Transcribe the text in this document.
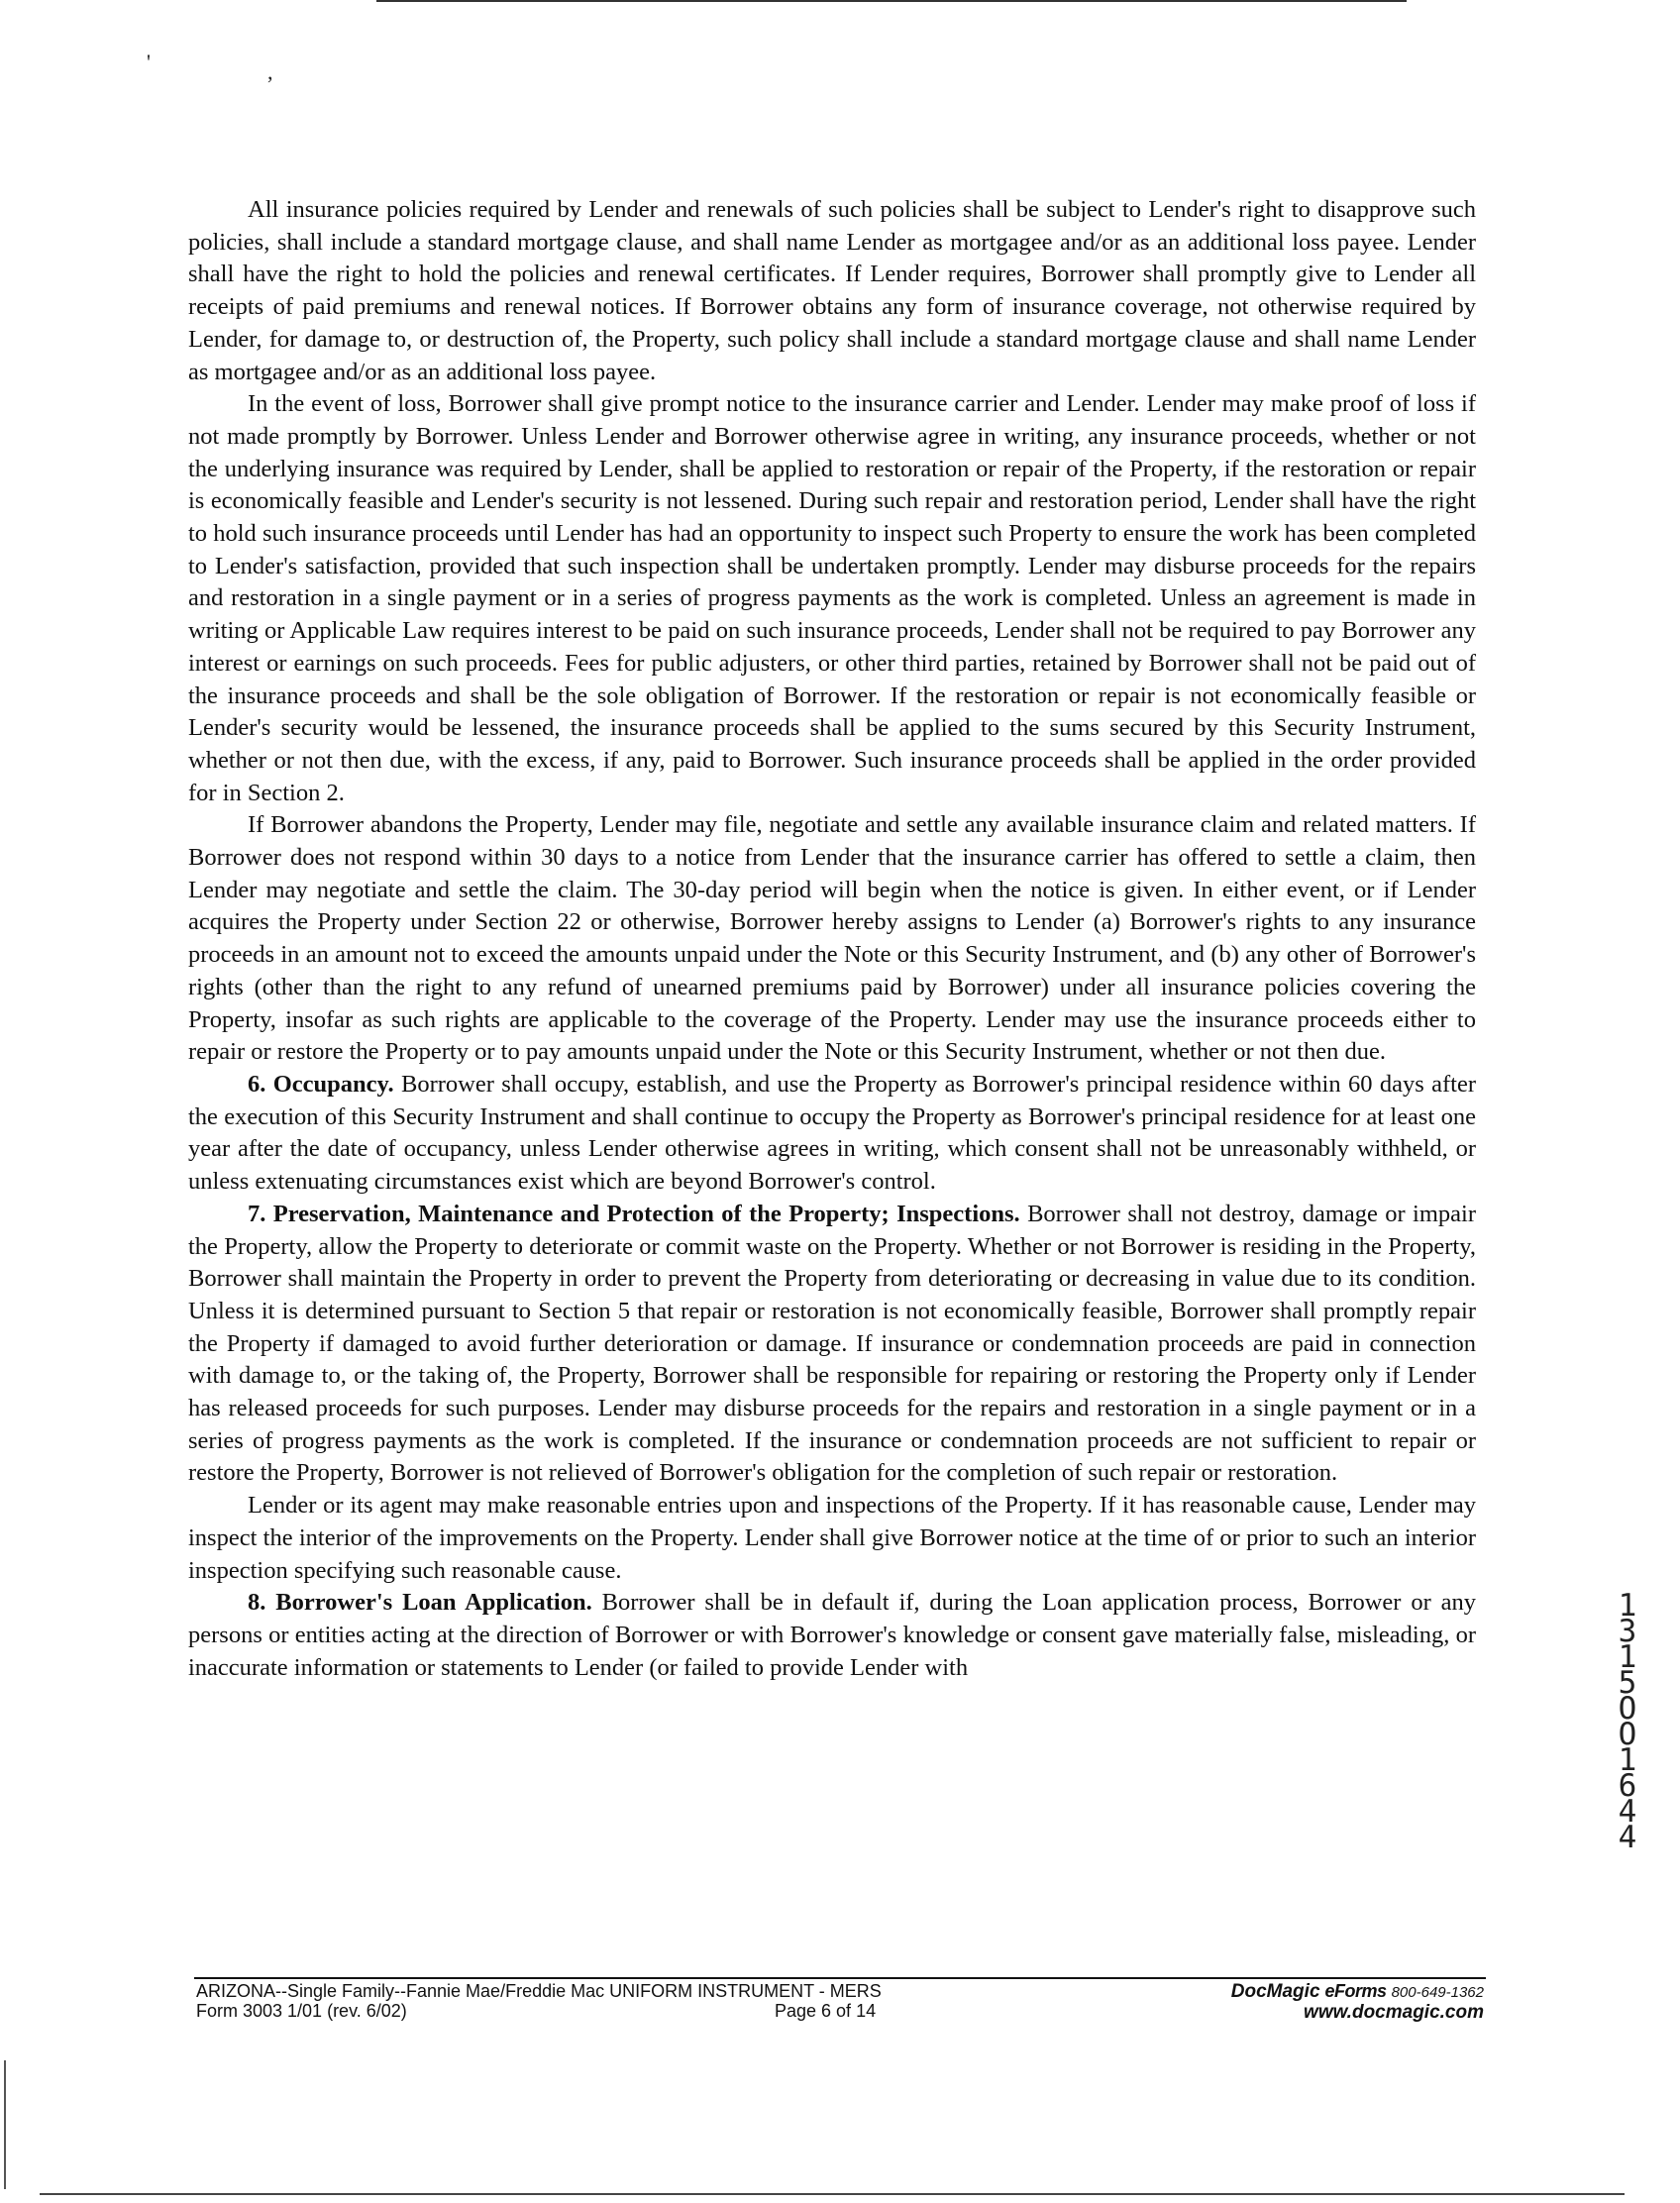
'	,

All insurance policies required by Lender and renewals of such policies shall be subject to Lender's right to disapprove such policies, shall include a standard mortgage clause, and shall name Lender as mortgagee and/or as an additional loss payee. Lender shall have the right to hold the policies and renewal certificates. If Lender requires, Borrower shall promptly give to Lender all receipts of paid premiums and renewal notices. If Borrower obtains any form of insurance coverage, not otherwise required by Lender, for damage to, or destruction of, the Property, such policy shall include a standard mortgage clause and shall name Lender as mortgagee and/or as an additional loss payee.

In the event of loss, Borrower shall give prompt notice to the insurance carrier and Lender. Lender may make proof of loss if not made promptly by Borrower. Unless Lender and Borrower otherwise agree in writing, any insurance proceeds, whether or not the underlying insurance was required by Lender, shall be applied to restoration or repair of the Property, if the restoration or repair is economically feasible and Lender's security is not lessened. During such repair and restoration period, Lender shall have the right to hold such insurance proceeds until Lender has had an opportunity to inspect such Property to ensure the work has been completed to Lender's satisfaction, provided that such inspection shall be undertaken promptly. Lender may disburse proceeds for the repairs and restoration in a single payment or in a series of progress payments as the work is completed. Unless an agreement is made in writing or Applicable Law requires interest to be paid on such insurance proceeds, Lender shall not be required to pay Borrower any interest or earnings on such proceeds. Fees for public adjusters, or other third parties, retained by Borrower shall not be paid out of the insurance proceeds and shall be the sole obligation of Borrower. If the restoration or repair is not economically feasible or Lender's security would be lessened, the insurance proceeds shall be applied to the sums secured by this Security Instrument, whether or not then due, with the excess, if any, paid to Borrower. Such insurance proceeds shall be applied in the order provided for in Section 2.

If Borrower abandons the Property, Lender may file, negotiate and settle any available insurance claim and related matters. If Borrower does not respond within 30 days to a notice from Lender that the insurance carrier has offered to settle a claim, then Lender may negotiate and settle the claim. The 30-day period will begin when the notice is given. In either event, or if Lender acquires the Property under Section 22 or otherwise, Borrower hereby assigns to Lender (a) Borrower's rights to any insurance proceeds in an amount not to exceed the amounts unpaid under the Note or this Security Instrument, and (b) any other of Borrower's rights (other than the right to any refund of unearned premiums paid by Borrower) under all insurance policies covering the Property, insofar as such rights are applicable to the coverage of the Property. Lender may use the insurance proceeds either to repair or restore the Property or to pay amounts unpaid under the Note or this Security Instrument, whether or not then due.

6. Occupancy. Borrower shall occupy, establish, and use the Property as Borrower's principal residence within 60 days after the execution of this Security Instrument and shall continue to occupy the Property as Borrower's principal residence for at least one year after the date of occupancy, unless Lender otherwise agrees in writing, which consent shall not be unreasonably withheld, or unless extenuating circumstances exist which are beyond Borrower's control.

7. Preservation, Maintenance and Protection of the Property; Inspections. Borrower shall not destroy, damage or impair the Property, allow the Property to deteriorate or commit waste on the Property. Whether or not Borrower is residing in the Property, Borrower shall maintain the Property in order to prevent the Property from deteriorating or decreasing in value due to its condition. Unless it is determined pursuant to Section 5 that repair or restoration is not economically feasible, Borrower shall promptly repair the Property if damaged to avoid further deterioration or damage. If insurance or condemnation proceeds are paid in connection with damage to, or the taking of, the Property, Borrower shall be responsible for repairing or restoring the Property only if Lender has released proceeds for such purposes. Lender may disburse proceeds for the repairs and restoration in a single payment or in a series of progress payments as the work is completed. If the insurance or condemnation proceeds are not sufficient to repair or restore the Property, Borrower is not relieved of Borrower's obligation for the completion of such repair or restoration.

Lender or its agent may make reasonable entries upon and inspections of the Property. If it has reasonable cause, Lender may inspect the interior of the improvements on the Property. Lender shall give Borrower notice at the time of or prior to such an interior inspection specifying such reasonable cause.

8. Borrower's Loan Application. Borrower shall be in default if, during the Loan application process, Borrower or any persons or entities acting at the direction of Borrower or with Borrower's knowledge or consent gave materially false, misleading, or inaccurate information or statements to Lender (or failed to provide Lender with

1315O O1644
ARIZONA--Single Family--Fannie Mae/Freddie Mac UNIFORM INSTRUMENT - MERS
Form 3003 1/01 (rev. 6/02)	Page 6 of 14
DocMagic eForms 800-649-1362
www.docmagic.com
